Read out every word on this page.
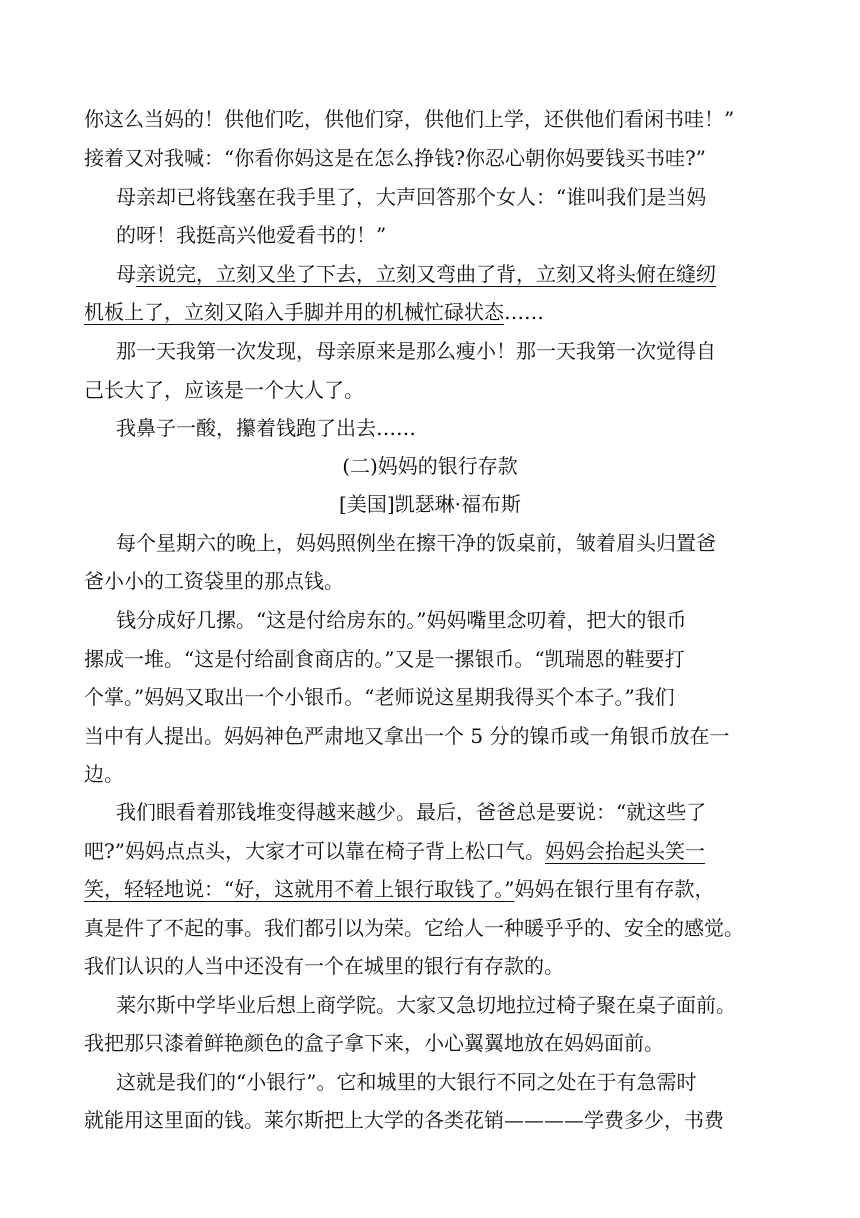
你这么当妈的！供他们吃，供他们穿，供他们上学，还供他们看闲书哇！”
接着又对我喊：“你看你妈这是在怎么挣钱?你忍心朝你妈要钱买书哇?”
母亲却已将钱塞在我手里了，大声回答那个女人：“谁叫我们是当妈
的呀！我挺高兴他爱看书的！”
母亲说完，立刻又坐了下去，立刻又弯曲了背，立刻又将头俯在缝纫
机板上了，立刻又陷入手脚并用的机械忙碌状态……
那一天我第一次发现，母亲原来是那么瘦小！那一天我第一次觉得自
己长大了，应该是一个大人了。
我鼻子一酸，攥着钱跑了出去……
(二)妈妈的银行存款
[美国]凯瑟琳·福布斯
每个星期六的晚上，妈妈照例坐在擦干净的饭桌前，皱着眉头归置爸
爸小小的工资袋里的那点钱。
钱分成好几摞。“这是付给房东的。”妈妈嘴里念叨着，把大的银币
摞成一堆。“这是付给副食商店的。”又是一摞银币。“凯瑞恩的鞋要打
个掌。”妈妈又取出一个小银币。“老师说这星期我得买个本子。”我们
当中有人提出。妈妈神色严肃地又拿出一个 5 分的镍币或一角银币放在一
边。
我们眼看着那钱堆变得越来越少。最后，爸爸总是要说：“就这些了
吧?”妈妈点点头，大家才可以靠在椅子背上松口气。妈妈会抬起头笑一
笑，轻轻地说：“好，这就用不着上银行取钱了。”妈妈在银行里有存款，
真是件了不起的事。我们都引以为荣。它给人一种暖乎乎的、安全的感觉。
我们认识的人当中还没有一个在城里的银行有存款的。
莱尔斯中学毕业后想上商学院。大家又急切地拉过椅子聚在桌子面前。
我把那只漆着鲜艳颜色的盒子拿下来，小心翼翼地放在妈妈面前。
这就是我们的“小银行”。它和城里的大银行不同之处在于有急需时
就能用这里面的钱。莱尔斯把上大学的各类花销————学费多少，书费
